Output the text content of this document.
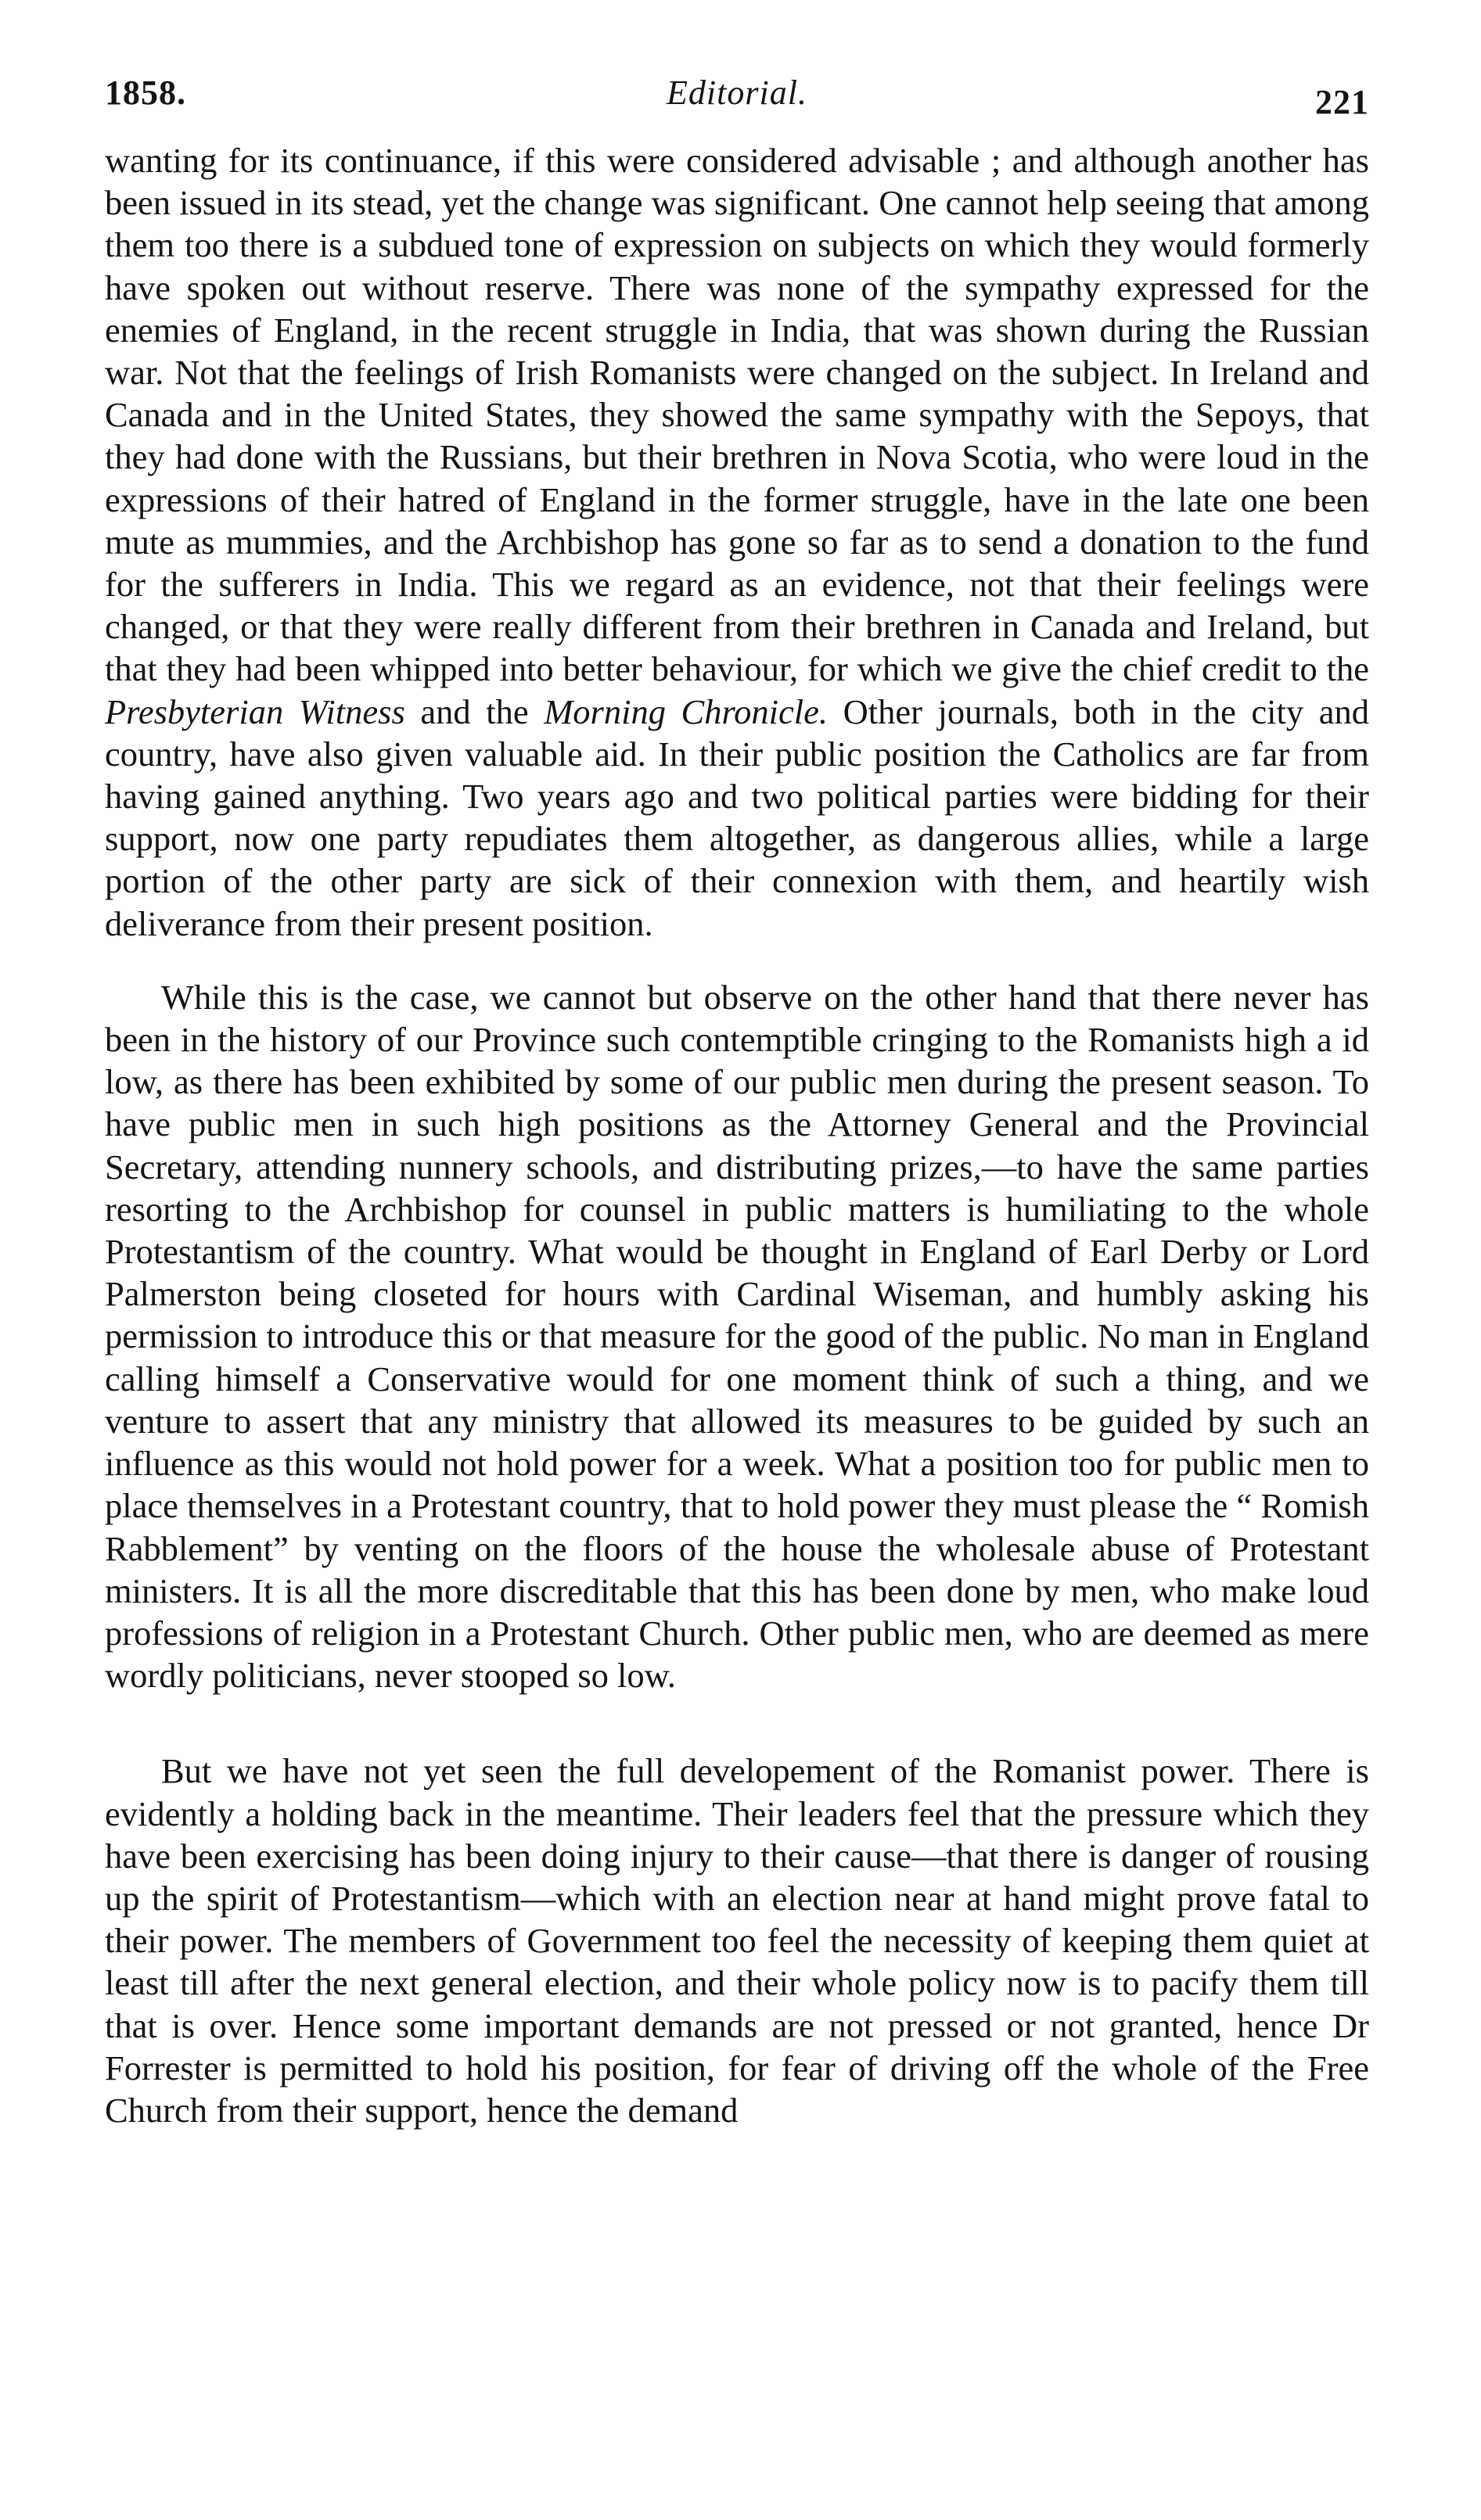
1858.	Editorial.	221

wanting for its continuance, if this were considered advisable ; and although another has been issued in its stead, yet the change was significant. One cannot help seeing that among them too there is a subdued tone of expression on subjects on which they would formerly have spoken out without reserve. There was none of the sympathy expressed for the enemies of England, in the recent struggle in India, that was shown during the Russian war. Not that the feelings of Irish Romanists were changed on the subject. In Ireland and Canada and in the United States, they showed the same sympathy with the Sepoys, that they had done with the Russians, but their brethren in Nova Scotia, who were loud in the expressions of their hatred of England in the former struggle, have in the late one been mute as mummies, and the Archbishop has gone so far as to send a donation to the fund for the sufferers in India. This we regard as an evidence, not that their feelings were changed, or that they were really different from their brethren in Canada and Ireland, but that they had been whipped into better behaviour, for which we give the chief credit to the Presbyterian Witness and the Morning Chronicle. Other journals, both in the city and country, have also given valuable aid. In their public position the Catholics are far from having gained anything. Two years ago and two political parties were bidding for their support, now one party repudiates them altogether, as dangerous allies, while a large portion of the other party are sick of their connexion with them, and heartily wish deliverance from their present position.

While this is the case, we cannot but observe on the other hand that there never has been in the history of our Province such contemptible cringing to the Romanists high a id low, as there has been exhibited by some of our public men during the present season. To have public men in such high positions as the Attorney General and the Provincial Secretary, attending nunnery schools, and distributing prizes,—to have the same parties resorting to the Archbishop for counsel in public matters is humiliating to the whole Protestantism of the country. What would be thought in England of Earl Derby or Lord Palmerston being closeted for hours with Cardinal Wiseman, and humbly asking his permission to introduce this or that measure for the good of the public. No man in England calling himself a Conservative would for one moment think of such a thing, and we venture to assert that any ministry that allowed its measures to be guided by such an influence as this would not hold power for a week. What a position too for public men to place themselves in a Protestant country, that to hold power they must please the “ Romish Rabblement” by venting on the floors of the house the wholesale abuse of Protestant ministers. It is all the more discreditable that this has been done by men, who make loud professions of religion in a Protestant Church. Other public men, who are deemed as mere wordly politicians, never stooped so low.

But we have not yet seen the full developement of the Romanist power. There is evidently a holding back in the meantime. Their leaders feel that the pressure which they have been exercising has been doing injury to their cause—that there is danger of rousing up the spirit of Protestantism—which with an election near at hand might prove fatal to their power. The members of Government too feel the necessity of keeping them quiet at least till after the next general election, and their whole policy now is to pacify them till that is over. Hence some important demands are not pressed or not granted, hence Dr Forrester is permitted to hold his position, for fear of driving off the whole of the Free Church from their support, hence the demand
